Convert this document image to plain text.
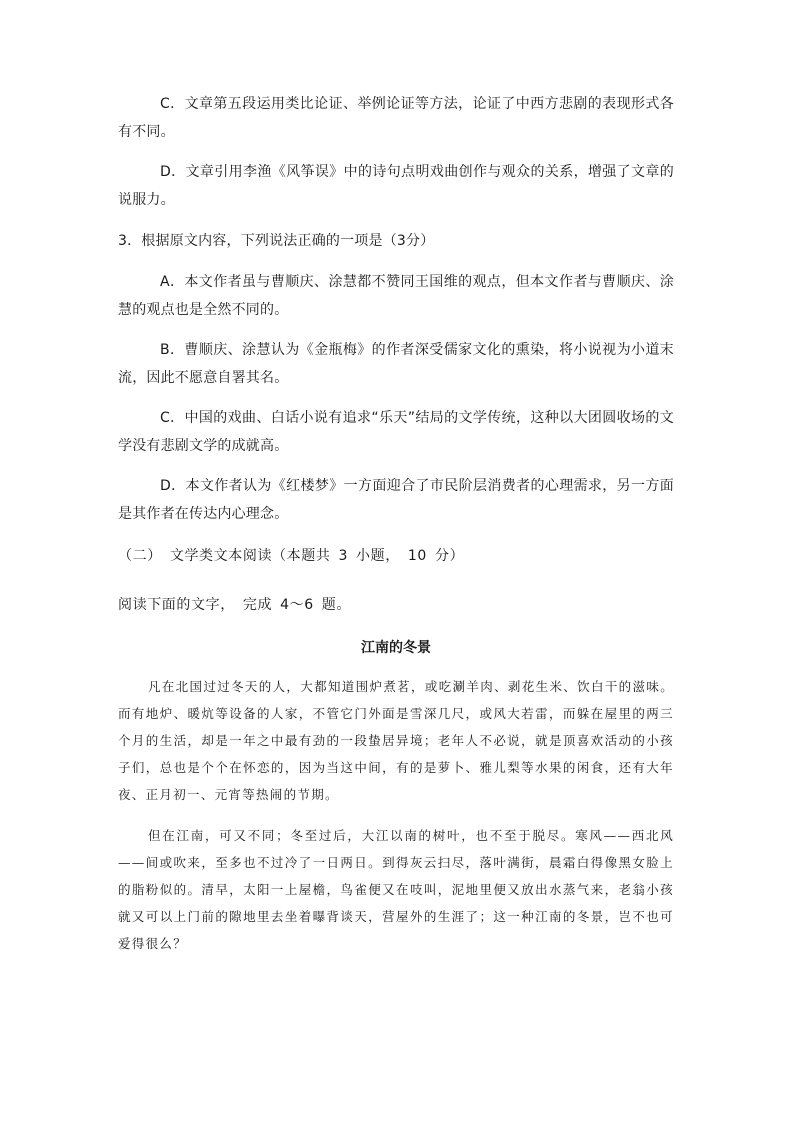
C．文章第五段运用类比论证、举例论证等方法，论证了中西方悲剧的表现形式各有不同。

D．文章引用李渔《风筝误》中的诗句点明戏曲创作与观众的关系，增强了文章的说服力。

3．根据原文内容，下列说法正确的一项是（3分）

A．本文作者虽与曹顺庆、涂慧都不赞同王国维的观点，但本文作者与曹顺庆、涂慧的观点也是全然不同的。

B．曹顺庆、涂慧认为《金瓶梅》的作者深受儒家文化的熏染，将小说视为小道末流，因此不愿意自署其名。

C．中国的戏曲、白话小说有追求“乐天”结局的文学传统，这种以大团圆收场的文学没有悲剧文学的成就高。

D．本文作者认为《红楼梦》一方面迎合了市民阶层消费者的心理需求，另一方面是其作者在传达内心理念。

（二） 文学类文本阅读（本题共 3 小题， 10 分）

阅读下面的文字， 完成 4～6 题。

江南的冬景

凡在北国过过冬天的人，大都知道围炉煮茗，或吃涮羊肉、剥花生米、饮白干的滋味。而有地炉、暖炕等设备的人家，不管它门外面是雪深几尺，或风大若雷，而躲在屋里的两三个月的生活，却是一年之中最有劲的一段蛰居异境；老年人不必说，就是顶喜欢活动的小孩子们，总也是个个在怀恋的，因为当这中间，有的是萝卜、雅儿梨等水果的闲食，还有大年夜、正月初一、元宵等热闹的节期。

但在江南，可又不同；冬至过后，大江以南的树叶，也不至于脱尽。寒风——西北风——间或吹来，至多也不过冷了一日两日。到得灰云扫尽，落叶满街，晨霜白得像黑女脸上的脂粉似的。清早，太阳一上屋檐，鸟雀便又在吱叫，泥地里便又放出水蒸气来，老翁小孩就又可以上门前的隙地里去坐着曝背谈天，营屋外的生涯了；这一种江南的冬景，岂不也可爱得很么？
